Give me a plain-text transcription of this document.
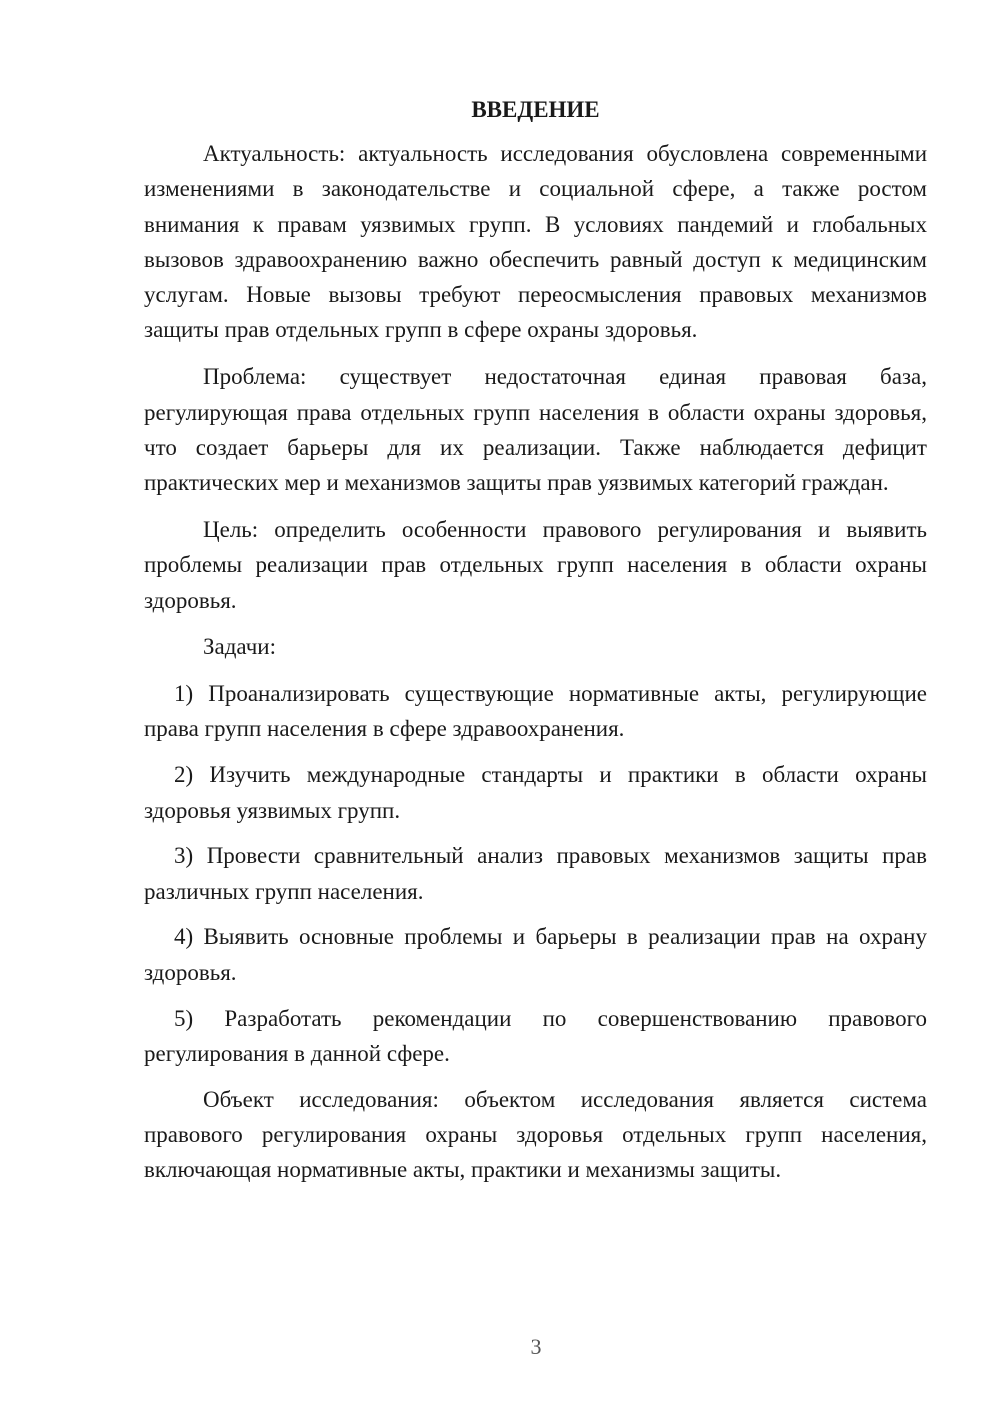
ВВЕДЕНИЕ

Актуальность: актуальность исследования обусловлена современными изменениями в законодательстве и социальной сфере, а также ростом внимания к правам уязвимых групп. В условиях пандемий и глобальных вызовов здравоохранению важно обеспечить равный доступ к медицинским услугам. Новые вызовы требуют переосмысления правовых механизмов защиты прав отдельных групп в сфере охраны здоровья.

Проблема: существует недостаточная единая правовая база, регулирующая права отдельных групп населения в области охраны здоровья, что создает барьеры для их реализации. Также наблюдается дефицит практических мер и механизмов защиты прав уязвимых категорий граждан.

Цель: определить особенности правового регулирования и выявить проблемы реализации прав отдельных групп населения в области охраны здоровья.

Задачи:

1) Проанализировать существующие нормативные акты, регулирующие права групп населения в сфере здравоохранения.

2) Изучить международные стандарты и практики в области охраны здоровья уязвимых групп.

3) Провести сравнительный анализ правовых механизмов защиты прав различных групп населения.

4) Выявить основные проблемы и барьеры в реализации прав на охрану здоровья.

5) Разработать рекомендации по совершенствованию правового регулирования в данной сфере.

Объект исследования: объектом исследования является система правового регулирования охраны здоровья отдельных групп населения, включающая нормативные акты, практики и механизмы защиты.

3
